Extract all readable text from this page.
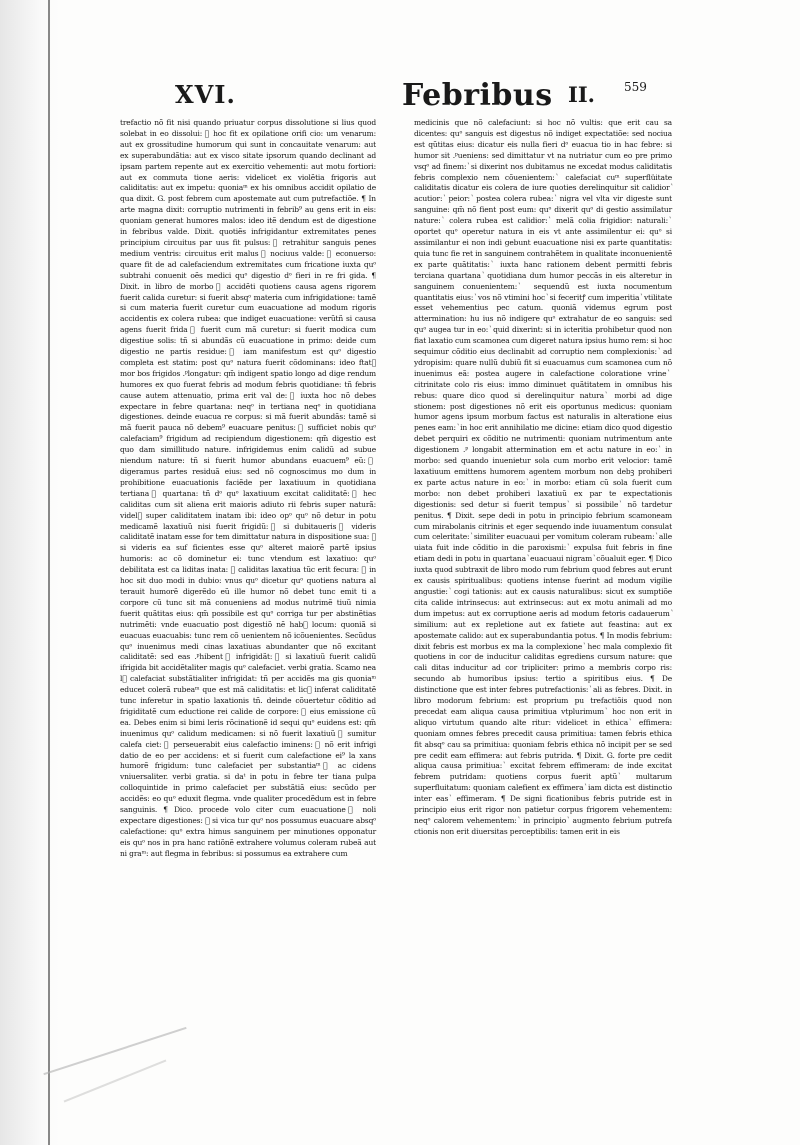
XVI.	Febribus II. 559

trefactio nõ fit nisi quando priuatur corpus dissolutione si lius quod solebat in eo dissolui: ᷣ hoc fit ex opilatione orifi cio: um venarum: aut ex grossitudine humorum qui sunt in concauitate venarum: aut ex superabundãtia: aut ex visco sitate ipsorum quando declinant ad ipsam partem repente aut ex exercitio vehementi: aut motu fortiori: aut ex commuta tione aeris: videlicet ex violẽtia frigoris aut caliditatis: aut ex impetu: quoniaᵐ ex his omnibus accidit opilatio de qua dixit. G. post febrem cum apostemate aut cum putrefactiõe. ¶ In arte magna dixit: corruptio nutrimenti in febrib⁹ au gens erit in eis: quoniam generat humores malos: ideo itẽ dendum est de digestione in febribus valde. Dixit. quotiẽs infrigidantur extremitates penes principium circuitus par uus fit pulsus: ᷣ retrahitur sanguis penes medium ventris: circuitus erit malus ᷣ nociuus valde: ᷣ econuerso: quare fit de ad calefaciendum extremitates cum fricatione iuxta quᵒ subtrahi conuenit oẽs medici quᵒ digestio dᵒ fieri in re fri gida. ¶ Dixit. in libro de morbo ᷣ accidẽti quotiens causa agens rigorem fuerit calida curetur: si fuerit absqᵒ materia cum infrigidatione: tamẽ si cum materia fuerit curetur cum euacuatione ad modum rigoris accidentis ex colera rubea: que indiget euacuatione: verũtñ si causa agens fuerit frida ᷣ fuerit cum mã curetur: si fuerit modica cum digestiue solis: tñ si abundãs cũ euacuatione in primo: deide cum digestio ne partis residue: ᷣ iam manifestum est quᵒ digestio completa est statim: post quᵒ natura fuerit cõdominans: ideo ftat᷑ mor bos frigidos .ᵖlongatur: qm̃ indigent spatio longo ad dige rendum humores ex quo fuerat febris ad modum febris quotidiane: tñ febris cause autem attenuatio, prima erit val de: ᷣ iuxta hoc nõ debes expectare in febre quartana: neqᵒ in tertiana neqᵒ in quotidiana digestiones. deinde euacua re corpus: si mã fuerit abundãs: tamẽ si mã fuerit pauca nõ debem⁹ euacuare penitus: ᷣ sufficiet nobis quᵒ calefaciam⁹ frigidum ad recipiendum digestionem: qm̃ digestio est quo dam simillitudo nature. infrigidemus enim calidũ ad subue niendum nature: tñ si fuerit humor abundans euacuem⁹ eũ: ᷣ digeramus partes residuã eius: sed nõ cognoscimus mo dum in prohibitione euacuationis faciẽde per laxatiuum in quotidiana tertiana ᷣ quartana: tñ dᵒ quᵒ laxatiuum excitat caliditatẽ: ᷣ hec caliditas cum sit aliena erit maioris adiuto rii febris super naturã: videlꝫ super caliditatem inatam ibi: ideo opᵒ quᵒ nõ detur in potu medicamẽ laxatiuũ nisi fuerit frigidũ: ᷣ si dubitaueris ᷣ videris caliditatẽ inatam esse for tem dimittatur natura in dispositione sua: ᷣ si videris ea suf ficientes esse quᵒ alteret maiorẽ partẽ ipsius humoris: ac cõ dominetur ei: tunc vtendum est laxatiuo: quᵒ debilitata est ca liditas inata: ᷣ caliditas laxatiua tũc erit fecuraː ᷣ in hoc sit duo modi in dubio: vnus quᵒ dicetur quᵒ quotiens natura al terauit humorẽ digerẽdo eũ ille humor nõ debet tunc emit ti a corpore cũ tunc sit mã conueniens ad modus nutrimẽ tiuũ nimia fuerit quãtitas eius: qm̃ possibile est quᵒ corriga tur per abstinẽtias nutrimẽti: vnde euacuatio post digestiõ nẽ habꝫ locum: quoniã si euacuas euacuabis: tunc rem cõ uenientem nõ icõuenientes. Secũdus quᵒ inuenimus medi cinas laxatiuas abundanter que nõ excitant caliditatẽ: sed eas .ᵖhibent ᷣ infrigidãt: ᷣ si laxatiuũ fuerit calidũ ifrigida bit accidẽtaliter magis quᵒ calefaciet. verbi gratia. Scamo nea lꝫ calefaciat substãtialiter infrigidat: tñ per accidẽs ma gis quoniaᵐ educet colerã rubeaᵐ que est mã caliditatis: et licꝫ inferat caliditatẽ tunc inferetur in spatio laxationis tñ. deinde cõuertetur cõditio ad frigiditatẽ cum eductione rei calide de corpore: ᷣ eius emissione cũ ea. Debes enim si bimi leris rõcinationẽ id sequi quᵒ euidens est: qm̃ inuenimus quᵒ calidum medicamen: si nõ fuerit laxatiuũ ᷣ sumitur calefa ciet: ᷣ perseuerabit eius calefactio iminens: ᷣ nõ erit infrigi datio de eo per accidens: et si fuerit cum calefactione ei⁹ la xans humorẽ frigidum: tunc calefaciet per substantiaᵐ ᷣ ac cidens vniuersaliter. verbi gratia. si daᵗ in potu in febre ter tiana pulpa colloquintide in primo calefaciet per substãtiã eius: secũdo per accidẽs: eo quᵒ eduxit flegma. vnde qualiter procedẽdum est in febre sanguinis. ¶ Dico. procede volo citer cum euacuatione ᷣ noli expectare digestiones: ᷣ si vica tur quᵒ nos possumus euacuare absqᵒ calefactione: quᵒ extra himus sanguinem per minutiones opponatur eis quᵒ nos in pra hanc ratiõnẽ extrahere volumus coleram rubeã aut ni graᵐ: aut flegma in febribus: si possumus ea extrahere cum

medicinis que nõ calefaciunt: si hoc nõ vultis: que erit cau sa dicentes: quᵒ sanguis est digestus nõ indiget expectatiõe: sed nociua est qũtitas eius: dicatur eis nulla fieri dᵒ euacua tio in hac febre: si humor sit .ᵖueniens: sed dimittatur vt na nutriatur cum eo pre primo vsqᵒ ad finem: ᷣ si dixerint nos dubitamus ne excedat modus caliditatis febris complexio nem cõuenientem: ᷣ calefaciat cuᵐ superflüitate caliditatis dicatur eis colera de iure quoties derelinquitur sit calidior ᷣ acutior: ᷣ peior: ᷣ postea colera rubea: ᷣ nigra vel vlta vir digeste sunt sanguine: qm̃ nõ fient post eum: quᵒ dixerit quᵒ di gestio assimilatur nature: ᷣ colera rubea est calidior: ᷣ melã colia frigidior: naturali: ᷣ oportet quᵒ operetur natura in eis vt ante assimilentur ei: quᵒ si assimilantur ei non indi gebunt euacuatione nisi ex parte quantitatis: quia tunc fie ret in sanguinem contrahẽtem in qualitate inconuenientẽ ex parte quãtitatis: ᷣ iuxta hanc rationem debent permitti febris terciana quartana ᷣ quotidiana dum humor peccãs in eis alteretur in sanguinem conuenientem: ᷣ sequendũ est iuxta nocumentum quantitatis eius: ᷣ vos nõ vtimini hoc ᷣ si feceritꝭ cum imperitia ᷣ vtilitate esset vehementius pec catum. quoniã videmus egrum post attermination: hu ius nõ indigere quᵒ extrahatur de eo sanguis: sed quᵒ augea tur in eo: ᷣ quid dixerint: si in icteritia prohibetur quod non fiat laxatio cum scamonea cum digeret natura ipsius humo rem: si hoc sequimur cõditio eius declinabit ad corruptio nem complexionis: ᷣ ad ydropisim: quare nullũ dubiũ fit si euacuamus cum scamonea cum nõ inuenimus eã: postea augere in calefactione coloratione vrine ᷣ citrinitate colo ris eius: immo diminuet quãtitatem in omnibus his rebus: quare dico quod si derelinquitur natura ᷣ morbi ad dige stionem: post digestiones nõ erit eis oportunus medicus: quoniam humor agens ipsum morbum factus est naturalis in alteratione eius penes eam: ᷣ in hoc erit annihilatio me dicine: etiam dico quod digestio debet perquiri ex cõditio ne nutrimenti: quoniam nutrimentum ante digestionem .ᵖ longabit attermination em et actu nature in eo: ᷣ in morbo: sed quando inuenietur sola cum morbo erit velocior: tamẽ laxatiuum emittens humorem agentem morbum non debꝫ prohiberi ex parte actus nature in eo: ᷣ in morbo: etiam cũ sola fuerit cum morbo: non debet prohiberi laxatiuũ ex par te expectationis digestionis: sed detur si fuerit tempus ᷣ si possibile ᷣ nõ tardetur penitus. ¶ Dixit. sepe dedi in potu in principio febrium scamoneam cum mirabolanis citrinis et eger sequendo inde iuuamentum consulat cum celeritate: ᷣ similiter euacuaui per vomitum coleram rubeam: ᷣ alle uiata fuit inde cõditio in die paroxismi: ᷣ expulsa fuit febris in fine etiam dedi in potu in quartana ᷣ euacuaui nigram ᷣ cõualuit eger. ¶ Dico iuxta quod subtraxit de libro modo rum febrium quod febres aut erunt ex causis spiritualibus: quotiens intense fuerint ad modum vigilie angustie: ᷣ cogi tationis: aut ex causis naturalibus: sicut ex sumptiõe cita calide intrinsecus: aut extrinsecus: aut ex motu animali ad mo dum impetus: aut ex corruptione aeris ad modum fetoris cadauerum ᷣ similium: aut ex repletione aut ex fatiete aut feastina: aut ex apostemate calido: aut ex superabundantia potus. ¶ In modis febrium: dixit febris est morbus ex ma la complexione ᷣ hec mala complexio fit quotiens in cor de inducitur caliditas egrediens cursum nature: que cali ditas inducitur ad cor tripliciter: primo a membris corpo ris: secundo ab humoribus ipsius: tertio a spiritibus eius. ¶ De distinctione que est inter febres putrefactionis: ᷣ ali as febres. Dixit. in libro modorum febrium: est proprium pu trefactiõis quod non precedat eam aliqua causa primitiua vtplurimum ᷣ hoc non erit in aliquo virtutum quando alte ritur: videlicet in ethica ᷣ effimera: quoniam omnes febres precedit causa primitiua: tamen febris ethica fit absqᵒ cau sa primitiua: quoniam febris ethica nõ incipit per se sed pre cedit eam effimera: aut febris putrida. ¶ Dixit. G. forte pre cedit aliqua causa primitiua: ᷣ excitat febrem effimeram: de inde excitat febrem putridam: quotiens corpus fuerit aptũ ᷣ multarum superfluitatum: quoniam calefient ex effimera ᷣ iam dicta est distinctio inter eas ᷣ effimeram. ¶ De signi ficationibus febris putride est in principio eius erit rigor non patietur corpus frigorem vehementem: neqᵒ calorem vehementem: ᷣ in principio ᷣ augmento febrium putrefa ctionis non erit diuersitas perceptibilis: tamen erit in eis
